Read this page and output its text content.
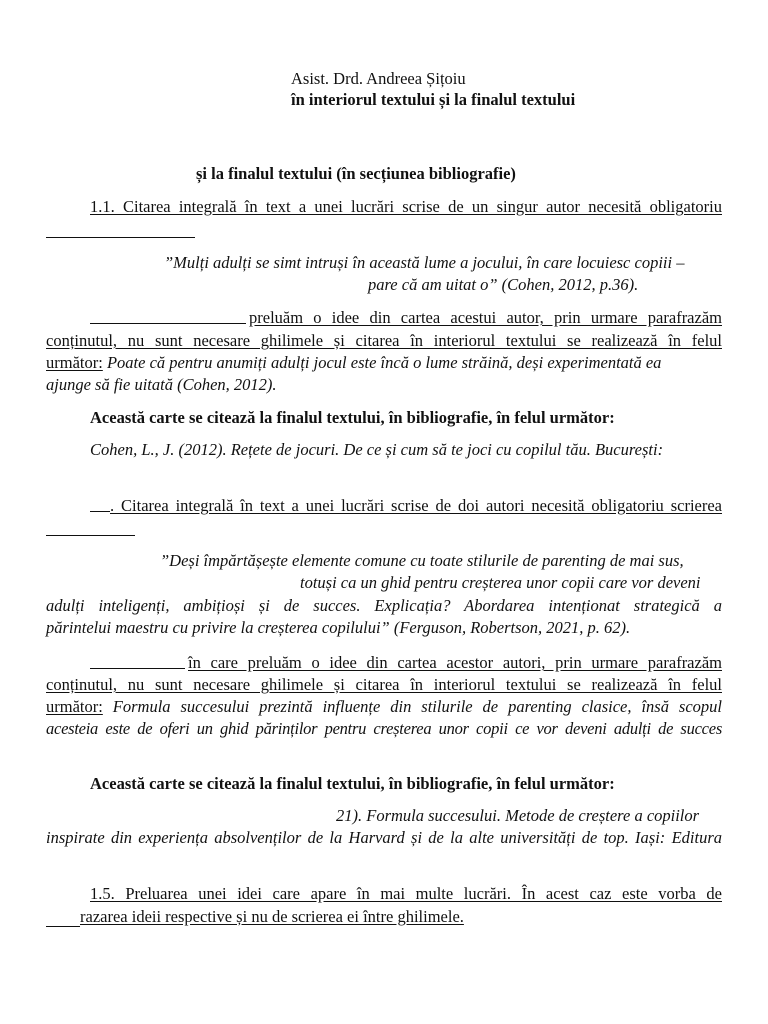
Asist. Drd. Andreea Șițoiu
în interiorul textului și la finalul textului
și la finalul textului (în secțiunea bibliografie)
1.1. Citarea integrală în text a unei lucrări scrise de un singur autor necesită obligatoriu
”Mulți adulți se simt intruși în această lume a jocului, în care locuiesc copiii –
pare că am uitat o” (Cohen, 2012, p.36).
preluăm o idee din cartea acestui autor, prin urmare parafrazăm
conținutul, nu sunt necesare ghilimele și citarea în interiorul textului se realizează în felul
următor: Poate că pentru anumiți adulți jocul este încă o lume străină, deși experimentată ea
ajunge să fie uitată (Cohen, 2012).
Această carte se citează la finalul textului, în bibliografie, în felul următor:
Cohen, L., J. (2012). Rețete de jocuri. De ce și cum să te joci cu copilul tău. București:
. Citarea integrală în text a unei lucrări scrise de doi autori necesită obligatoriu scrierea
”Deși împărtășește elemente comune cu toate stilurile de parenting de mai sus,
totuși ca un ghid pentru creșterea unor copii care vor deveni
adulți inteligenți, ambițioși și de succes. Explicația? Abordarea intenționat strategică a
părintelui maestru cu privire la creșterea copilului” (Ferguson, Robertson, 2021, p. 62).
în care preluăm o idee din cartea acestor autori, prin urmare parafrazăm
conținutul, nu sunt necesare ghilimele și citarea în interiorul textului se realizează în felul
următor: Formula succesului prezintă influențe din stilurile de parenting clasice, însă scopul
acesteia este de oferi un ghid părinților pentru creșterea unor copii ce vor deveni adulți de succes
Această carte se citează la finalul textului, în bibliografie, în felul următor:
21). Formula succesului. Metode de creștere a copiilor
inspirate din experiența absolvenților de la Harvard și de la alte universități de top. Iași: Editura
1.5. Preluarea unei idei care apare în mai multe lucrări. În acest caz este vorba de
razarea ideii respective și nu de scrierea ei între ghilimele.
